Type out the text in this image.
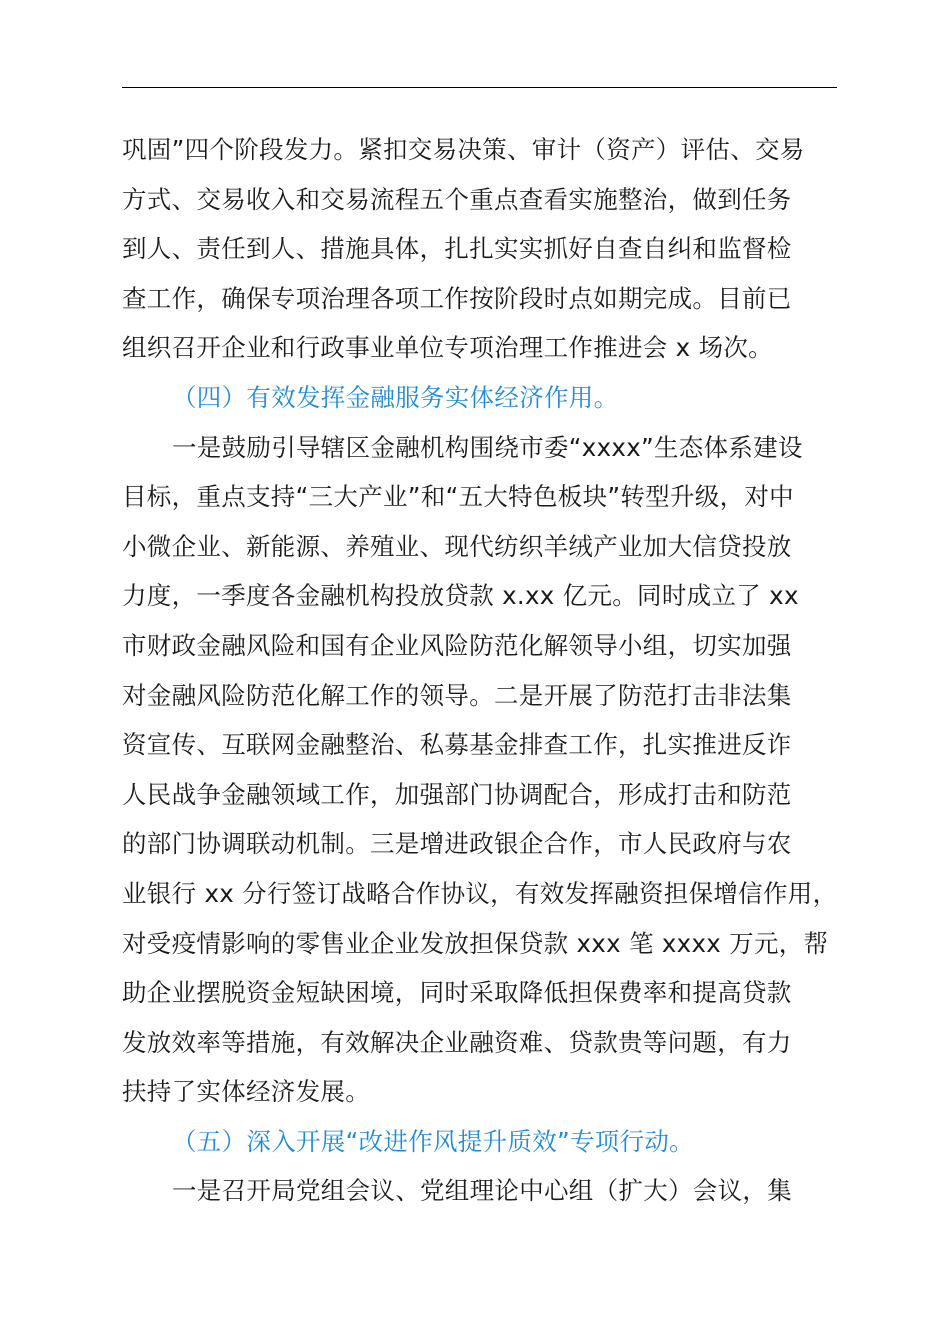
巩固”四个阶段发力。紧扣交易决策、审计（资产）评估、交易
方式、交易收入和交易流程五个重点查看实施整治，做到任务
到人、责任到人、措施具体，扎扎实实抓好自查自纠和监督检
查工作，确保专项治理各项工作按阶段时点如期完成。目前已
组织召开企业和行政事业单位专项治理工作推进会 x 场次。
（四）有效发挥金融服务实体经济作用。
一是鼓励引导辖区金融机构围绕市委“xxxx”生态体系建设
目标，重点支持“三大产业”和“五大特色板块”转型升级，对中
小微企业、新能源、养殖业、现代纺织羊绒产业加大信贷投放
力度，一季度各金融机构投放贷款 x.xx 亿元。同时成立了 xx
市财政金融风险和国有企业风险防范化解领导小组，切实加强
对金融风险防范化解工作的领导。二是开展了防范打击非法集
资宣传、互联网金融整治、私募基金排查工作，扎实推进反诈
人民战争金融领域工作，加强部门协调配合，形成打击和防范
的部门协调联动机制。三是增进政银企合作，市人民政府与农
业银行 xx 分行签订战略合作协议，有效发挥融资担保增信作用，
对受疫情影响的零售业企业发放担保贷款 xxx 笔 xxxx 万元，帮
助企业摆脱资金短缺困境，同时采取降低担保费率和提高贷款
发放效率等措施，有效解决企业融资难、贷款贵等问题，有力
扶持了实体经济发展。
（五）深入开展“改进作风提升质效”专项行动。
一是召开局党组会议、党组理论中心组（扩大）会议，集
